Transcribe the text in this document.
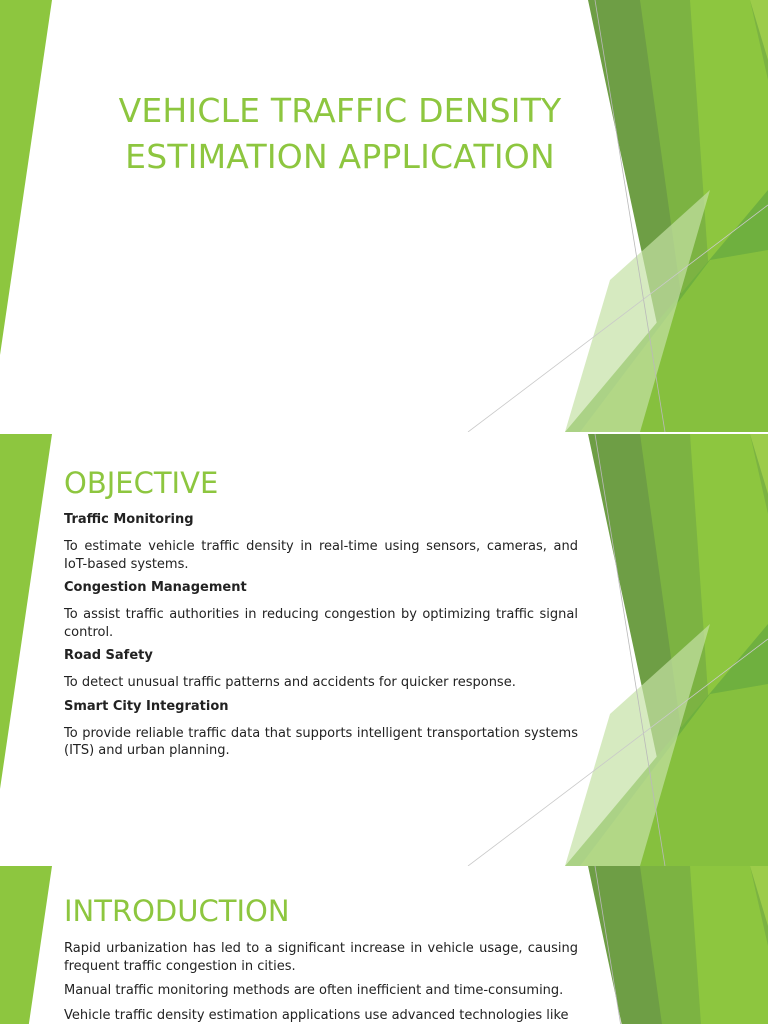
VEHICLE TRAFFIC DENSITY
ESTIMATION APPLICATION
OBJECTIVE
Traffic Monitoring

To estimate vehicle traffic density in real-time using sensors, cameras, and IoT-based systems.

Congestion Management

To assist traffic authorities in reducing congestion by optimizing traffic signal control.

Road Safety

To detect unusual traffic patterns and accidents for quicker response.

Smart City Integration

To provide reliable traffic data that supports intelligent transportation systems (ITS) and urban planning.

INTRODUCTION

Rapid urbanization has led to a significant increase in vehicle usage, causing frequent traffic congestion in cities.

Manual traffic monitoring methods are often inefficient and time-consuming.

Vehicle traffic density estimation applications use advanced technologies like
